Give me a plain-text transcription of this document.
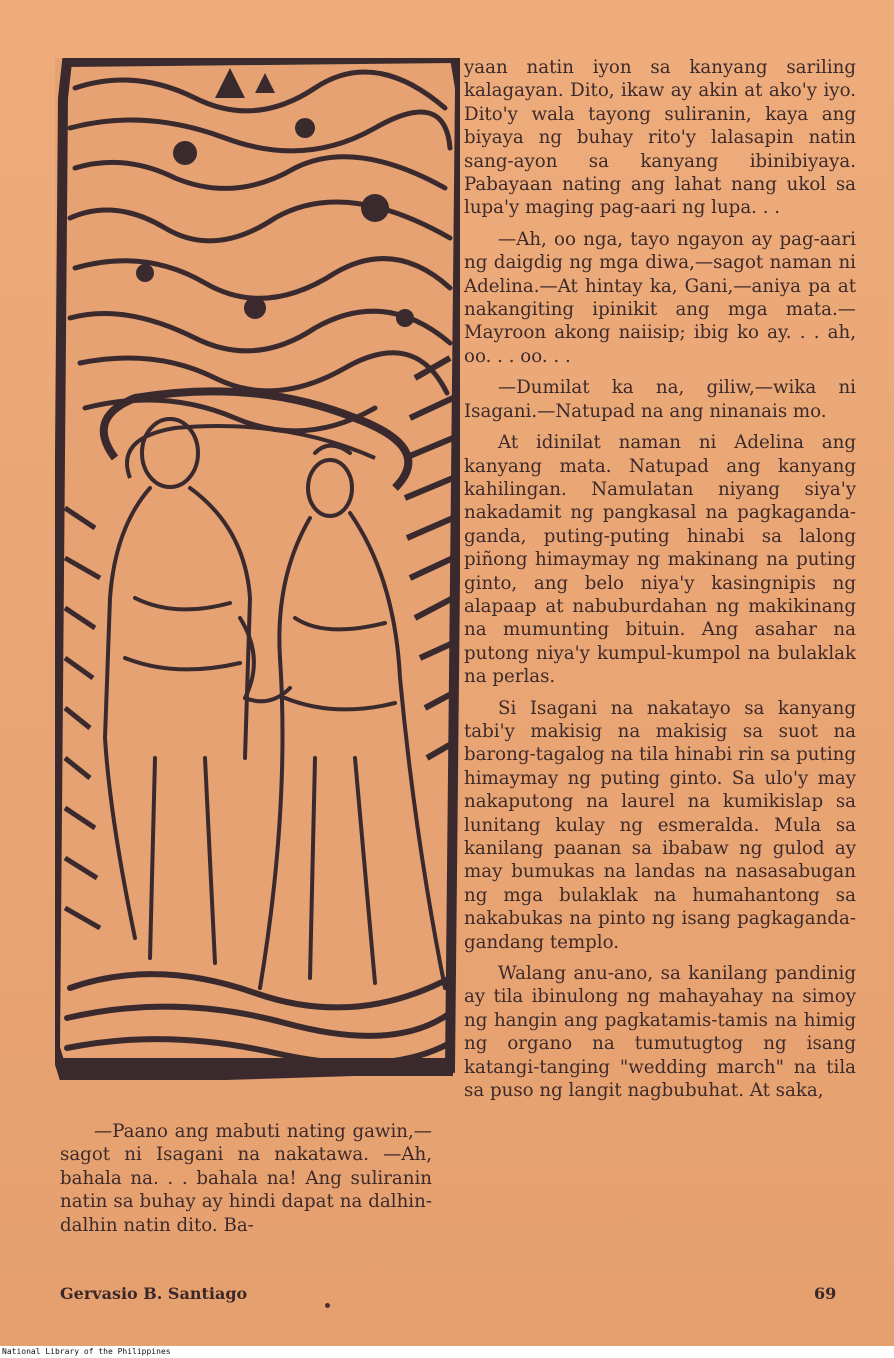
yaan natin iyon sa kanyang sariling kalagayan. Dito, ikaw ay akin at ako'y iyo. Dito'y wala tayong suliranin, kaya ang biyaya ng buhay rito'y lalasapin natin sang-ayon sa kanyang ibinibiyaya. Pabayaan nating ang lahat nang ukol sa lupa'y maging pag-aari ng lupa. . .

—Ah, oo nga, tayo ngayon ay pag-aari ng daigdig ng mga diwa,—sagot naman ni Adelina.—At hintay ka, Gani,—aniya pa at nakangiting ipinikit ang mga mata.—Mayroon akong naiisip; ibig ko ay. . . ah, oo. . . oo. . .

—Dumilat ka na, giliw,—wika ni Isagani.—Natupad na ang ninanais mo.

At idinilat naman ni Adelina ang kanyang mata. Natupad ang kanyang kahilingan. Namulatan niyang siya'y nakadamit ng pangkasal na pagkaganda-ganda, puting-puting hinabi sa lalong piñong himaymay ng makinang na puting ginto, ang belo niya'y kasingnipis ng alapaap at nabuburdahan ng makikinang na mumunting bituin. Ang asahar na putong niya'y kumpul-kumpol na bulaklak na perlas.

Si Isagani na nakatayo sa kanyang tabi'y makisig na makisig sa suot na barong-tagalog na tila hinabi rin sa puting himaymay ng puting ginto. Sa ulo'y may nakaputong na laurel na kumikislap sa lunitang kulay ng esmeralda. Mula sa kanilang paanan sa ibabaw ng gulod ay may bumukas na landas na nasasabugan ng mga bulaklak na humahantong sa nakabukas na pinto ng isang pagkaganda-gandang templo.

Walang anu-ano, sa kanilang pandinig ay tila ibinulong ng mahayahay na simoy ng hangin ang pagkatamis-tamis na himig ng organo na tumutugtog ng isang katangi-tanging "wedding march" na tila sa puso ng langit nagbubuhat. At saka,

—Paano ang mabuti nating gawin,—sagot ni Isagani na nakatawa. —Ah, bahala na. . . bahala na! Ang suliranin natin sa buhay ay hindi dapat na dalhin-dalhin natin dito. Ba-

Gervasio B. Santiago	69
National Library of the Philippines
